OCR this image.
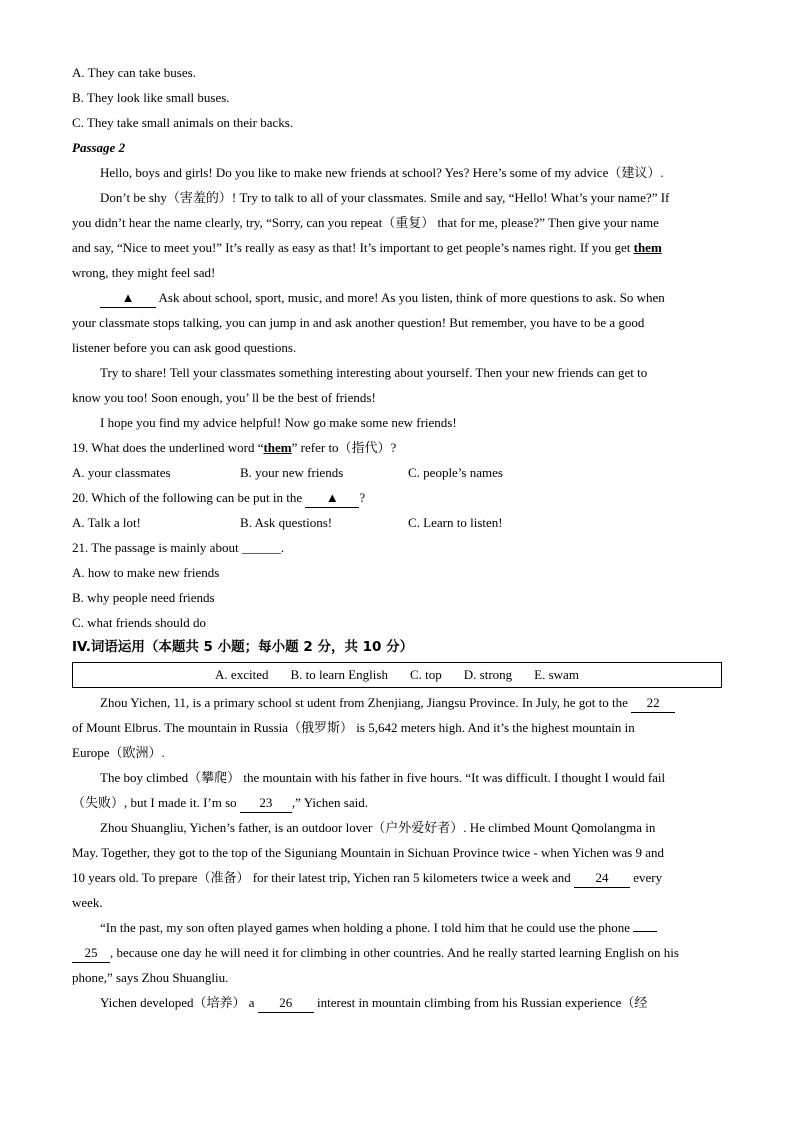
A. They can take buses.
B. They look like small buses.
C. They take small animals on their backs.
Passage 2
Hello, boys and girls! Do you like to make new friends at school? Yes? Here’s some of my advice（建议）.
Don’t be shy（害羞的）! Try to talk to all of your classmates. Smile and say, “Hello! What’s your name?” If
you didn’t hear the name clearly, try, “Sorry, can you repeat（重复） that for me, please?” Then give your name
and say, “Nice to meet you!” It’s really as easy as that! It’s important to get people’s names right. If you get them
wrong, they might feel sad!
▲ Ask about school, sport, music, and more! As you listen, think of more questions to ask. So when
your classmate stops talking, you can jump in and ask another question! But remember, you have to be a good
listener before you can ask good questions.
Try to share! Tell your classmates something interesting about yourself. Then your new friends can get to
know you too! Soon enough, you’ ll be the best of friends!
I hope you find my advice helpful! Now go make some new friends!
19. What does the underlined word “them” refer to（指代）?
A. your classmates	B. your new friends	C. people’s names
20. Which of the following can be put in the ▲ ?
A. Talk a lot!	B. Ask questions!	C. Learn to listen!
21. The passage is mainly about ______.
A. how to make new friends
B. why people need friends
C. what friends should do
IV.词语运用（本题共 5 小题；每小题 2 分，共 10 分）
A. excited B. to learn English C. top D. strong E. swam
Zhou Yichen, 11, is a primary school st udent from Zhenjiang, Jiangsu Province. In July, he got to the 22
of Mount Elbrus. The mountain in Russia（俄罗斯） is 5,642 meters high. And it’s the highest mountain in
Europe（欧洲）.
The boy climbed（攀爬） the mountain with his father in five hours. “It was difficult. I thought I would fail
（失败）, but I made it. I’m so 23 ,” Yichen said.
Zhou Shuangliu, Yichen’s father, is an outdoor lover（户外爱好者）. He climbed Mount Qomolangma in
May. Together, they got to the top of the Siguniang Mountain in Sichuan Province twice - when Yichen was 9 and
10 years old. To prepare（准备） for their latest trip, Yichen ran 5 kilometers twice a week and 24 every
week.
“In the past, my son often played games when holding a phone. I told him that he could use the phone
25 , because one day he will need it for climbing in other countries. And he really started learning English on his
phone,” says Zhou Shuangliu.
Yichen developed（培养） a 26 interest in mountain climbing from his Russian experience（经
